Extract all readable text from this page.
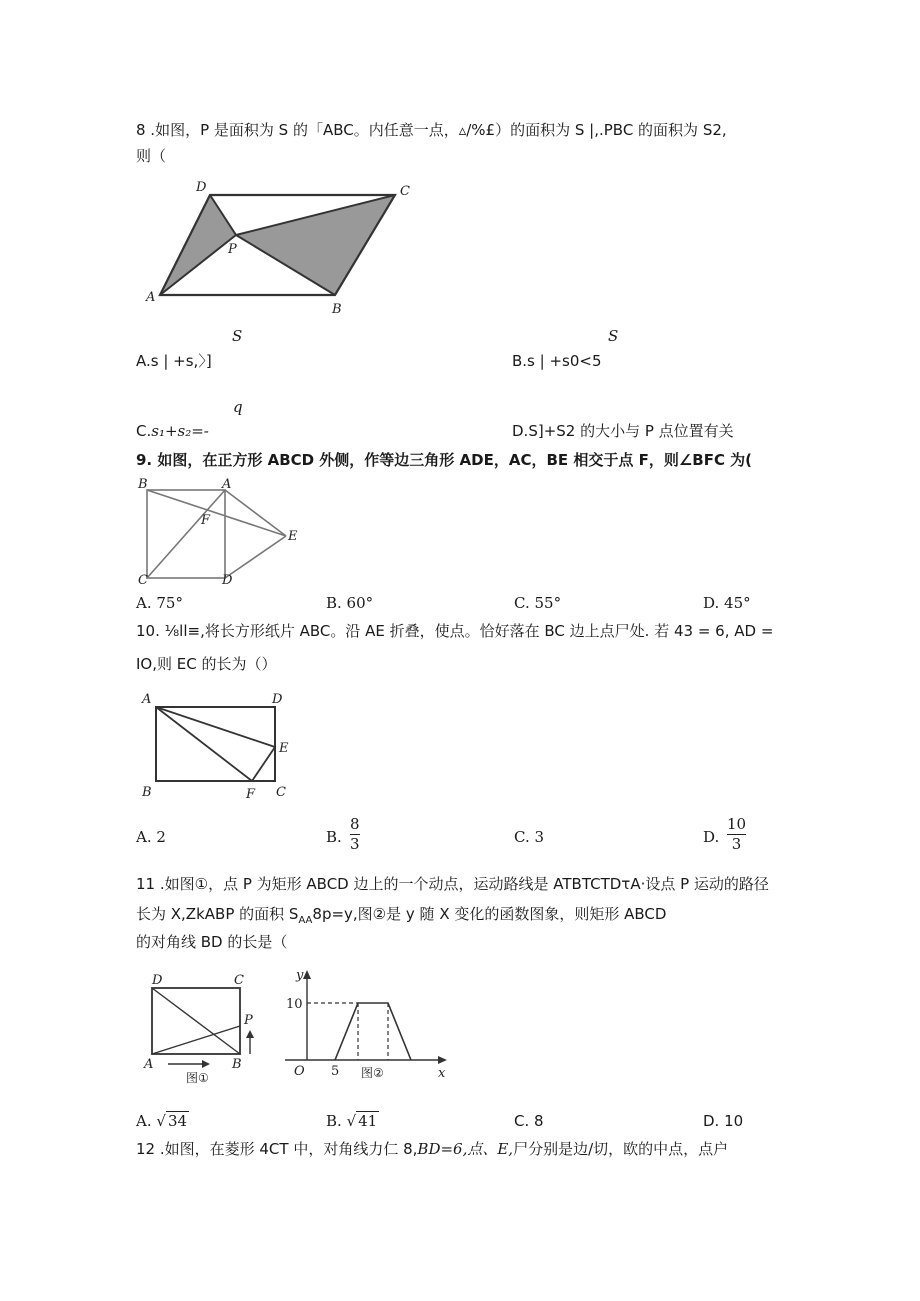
8 .如图，P 是面积为 S 的「ABC。内任意一点，▵/%£）的面积为 S |,.PBC 的面积为 S2,
则（
D	C
P
A
B
S
A.s | +s,〉]
S
B.s | +s0<5
q
C.s₁+s₂=-	D.S]+S2 的大小与 P 点位置有关
9. 如图，在正方形 ABCD 外侧，作等边三角形 ADE，AC，BE 相交于点 F，则∠BFC 为(
B	A
F
E
C	D
A. 75°	B. 60°	C. 55°	D. 45°
10. ⅛ll≡,将长方形纸片 ABC。沿 AE 折叠，使点。恰好落在 BC 边上点尸处. 若 43 = 6, AD =
IO,则 EC 的长为（）
A	D
E
B	F C
A. 2	B.
8
3	C. 3	D.
10
3
11 .如图①，点 P 为矩形 ABCD 边上的一个动点，运动路线是 ATBTCTDτA·设点 P 运动的路径
长为 X,ZkABP 的面积 $S_{AA}8p=y$,图②是 y 随 X 变化的函数图象，则矩形 ABCD
的对角线 BD 的长是（
D	C
P
A	B
图①
y
10
O 5	x
图②
A. √ 34	B. √ 41	C. 8	D. 10
12 .如图，在菱形 4CT 中，对角线力仁 8,BD=6,点、E,尸分别是边/切，欧的中点，点户
